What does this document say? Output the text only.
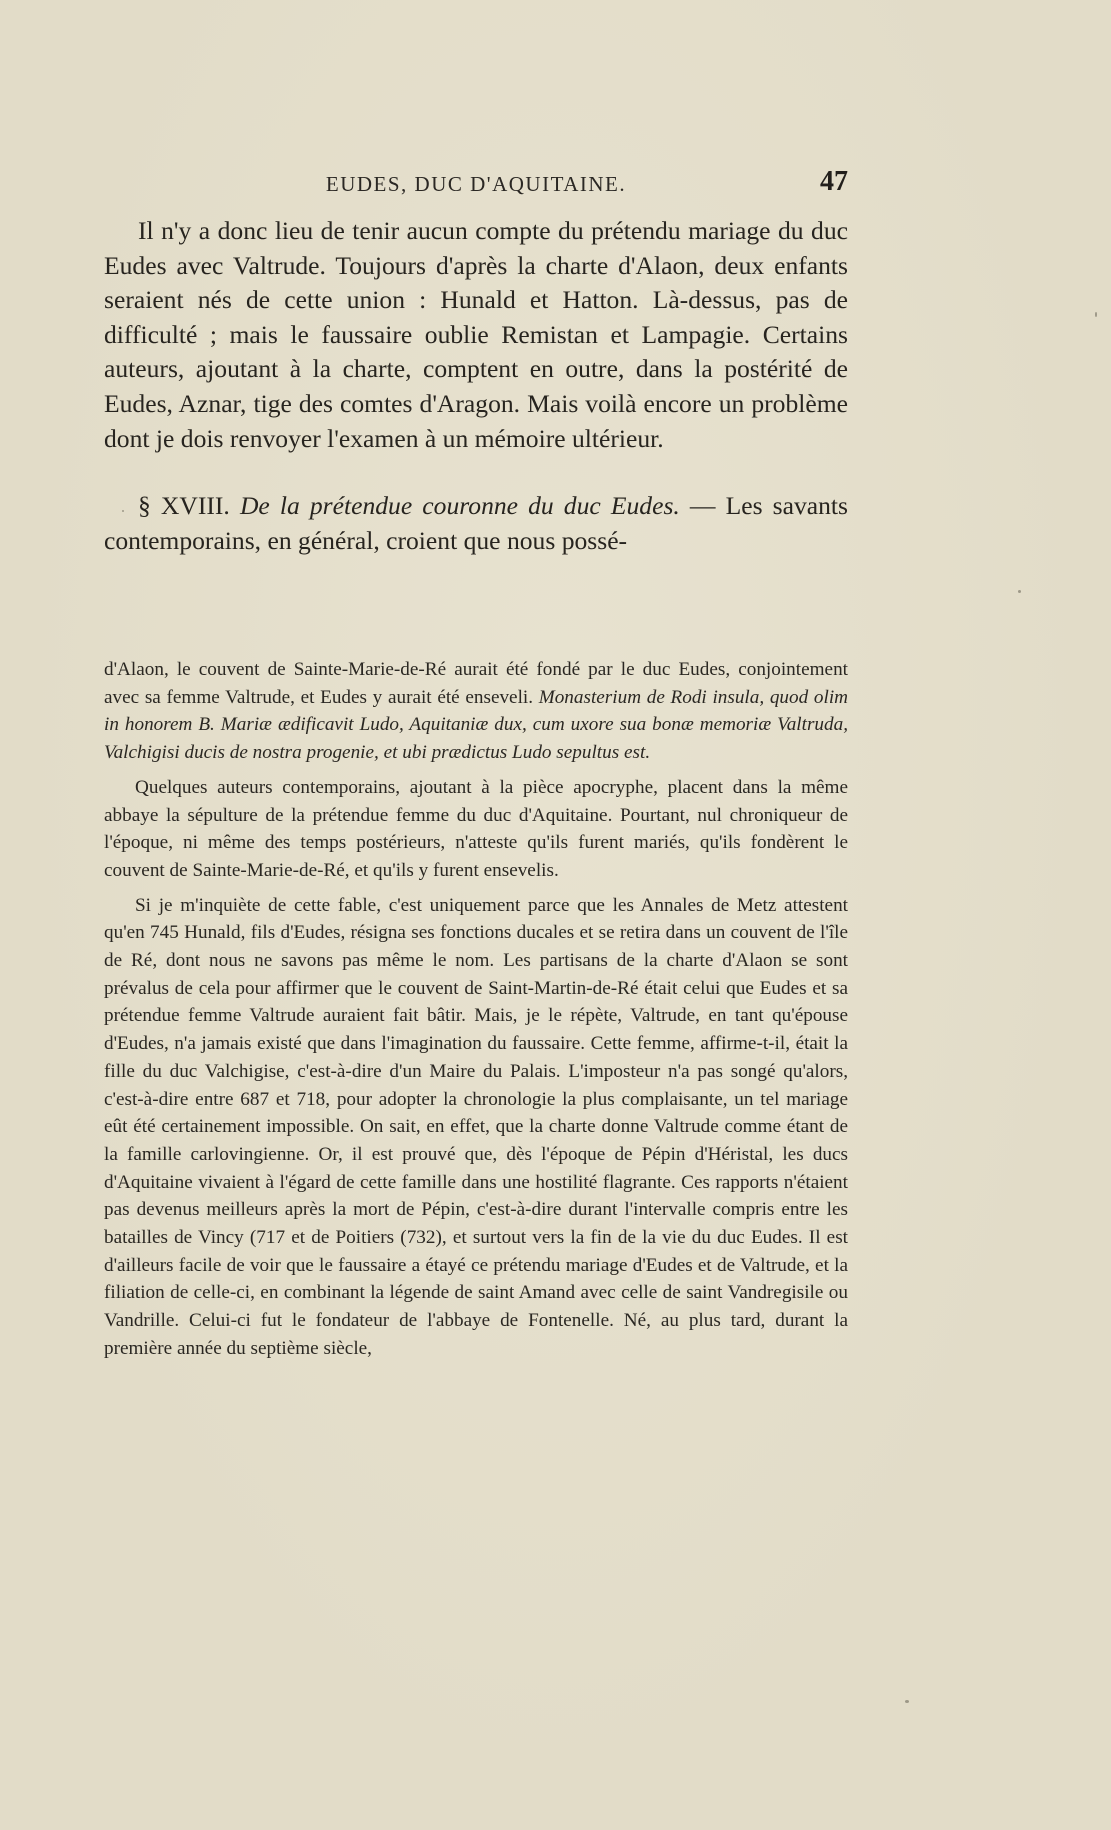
EUDES, DUC D'AQUITAINE.	47

Il n'y a donc lieu de tenir aucun compte du prétendu mariage du duc Eudes avec Valtrude. Toujours d'après la charte d'Alaon, deux enfants seraient nés de cette union : Hunald et Hatton. Là-dessus, pas de difficulté ; mais le faussaire oublie Remistan et Lampagie. Certains auteurs, ajoutant à la charte, comptent en outre, dans la postérité de Eudes, Aznar, tige des comtes d'Aragon. Mais voilà encore un problème dont je dois renvoyer l'examen à un mémoire ultérieur.

§ XVIII. De la prétendue couronne du duc Eudes. — Les savants contemporains, en général, croient que nous possé-

d'Alaon, le couvent de Sainte-Marie-de-Ré aurait été fondé par le duc Eudes, conjointement avec sa femme Valtrude, et Eudes y aurait été enseveli. Monasterium de Rodi insula, quod olim in honorem B. Mariæ ædificavit Ludo, Aquitaniæ dux, cum uxore sua bonæ memoriæ Valtruda, Valchigisi ducis de nostra progenie, et ubi prædictus Ludo sepultus est.

Quelques auteurs contemporains, ajoutant à la pièce apocryphe, placent dans la même abbaye la sépulture de la prétendue femme du duc d'Aquitaine. Pourtant, nul chroniqueur de l'époque, ni même des temps postérieurs, n'atteste qu'ils furent mariés, qu'ils fondèrent le couvent de Sainte-Marie-de-Ré, et qu'ils y furent ensevelis.

Si je m'inquiète de cette fable, c'est uniquement parce que les Annales de Metz attestent qu'en 745 Hunald, fils d'Eudes, résigna ses fonctions ducales et se retira dans un couvent de l'île de Ré, dont nous ne savons pas même le nom. Les partisans de la charte d'Alaon se sont prévalus de cela pour affirmer que le couvent de Saint-Martin-de-Ré était celui que Eudes et sa prétendue femme Valtrude auraient fait bâtir. Mais, je le répète, Valtrude, en tant qu'épouse d'Eudes, n'a jamais existé que dans l'imagination du faussaire. Cette femme, affirme-t-il, était la fille du duc Valchigise, c'est-à-dire d'un Maire du Palais. L'imposteur n'a pas songé qu'alors, c'est-à-dire entre 687 et 718, pour adopter la chronologie la plus complaisante, un tel mariage eût été certainement impossible. On sait, en effet, que la charte donne Valtrude comme étant de la famille carlovingienne. Or, il est prouvé que, dès l'époque de Pépin d'Héristal, les ducs d'Aquitaine vivaient à l'égard de cette famille dans une hostilité flagrante. Ces rapports n'étaient pas devenus meilleurs après la mort de Pépin, c'est-à-dire durant l'intervalle compris entre les batailles de Vincy (717 et de Poitiers (732), et surtout vers la fin de la vie du duc Eudes. Il est d'ailleurs facile de voir que le faussaire a étayé ce prétendu mariage d'Eudes et de Valtrude, et la filiation de celle-ci, en combinant la légende de saint Amand avec celle de saint Vandregisile ou Vandrille. Celui-ci fut le fondateur de l'abbaye de Fontenelle. Né, au plus tard, durant la première année du septième siècle,
